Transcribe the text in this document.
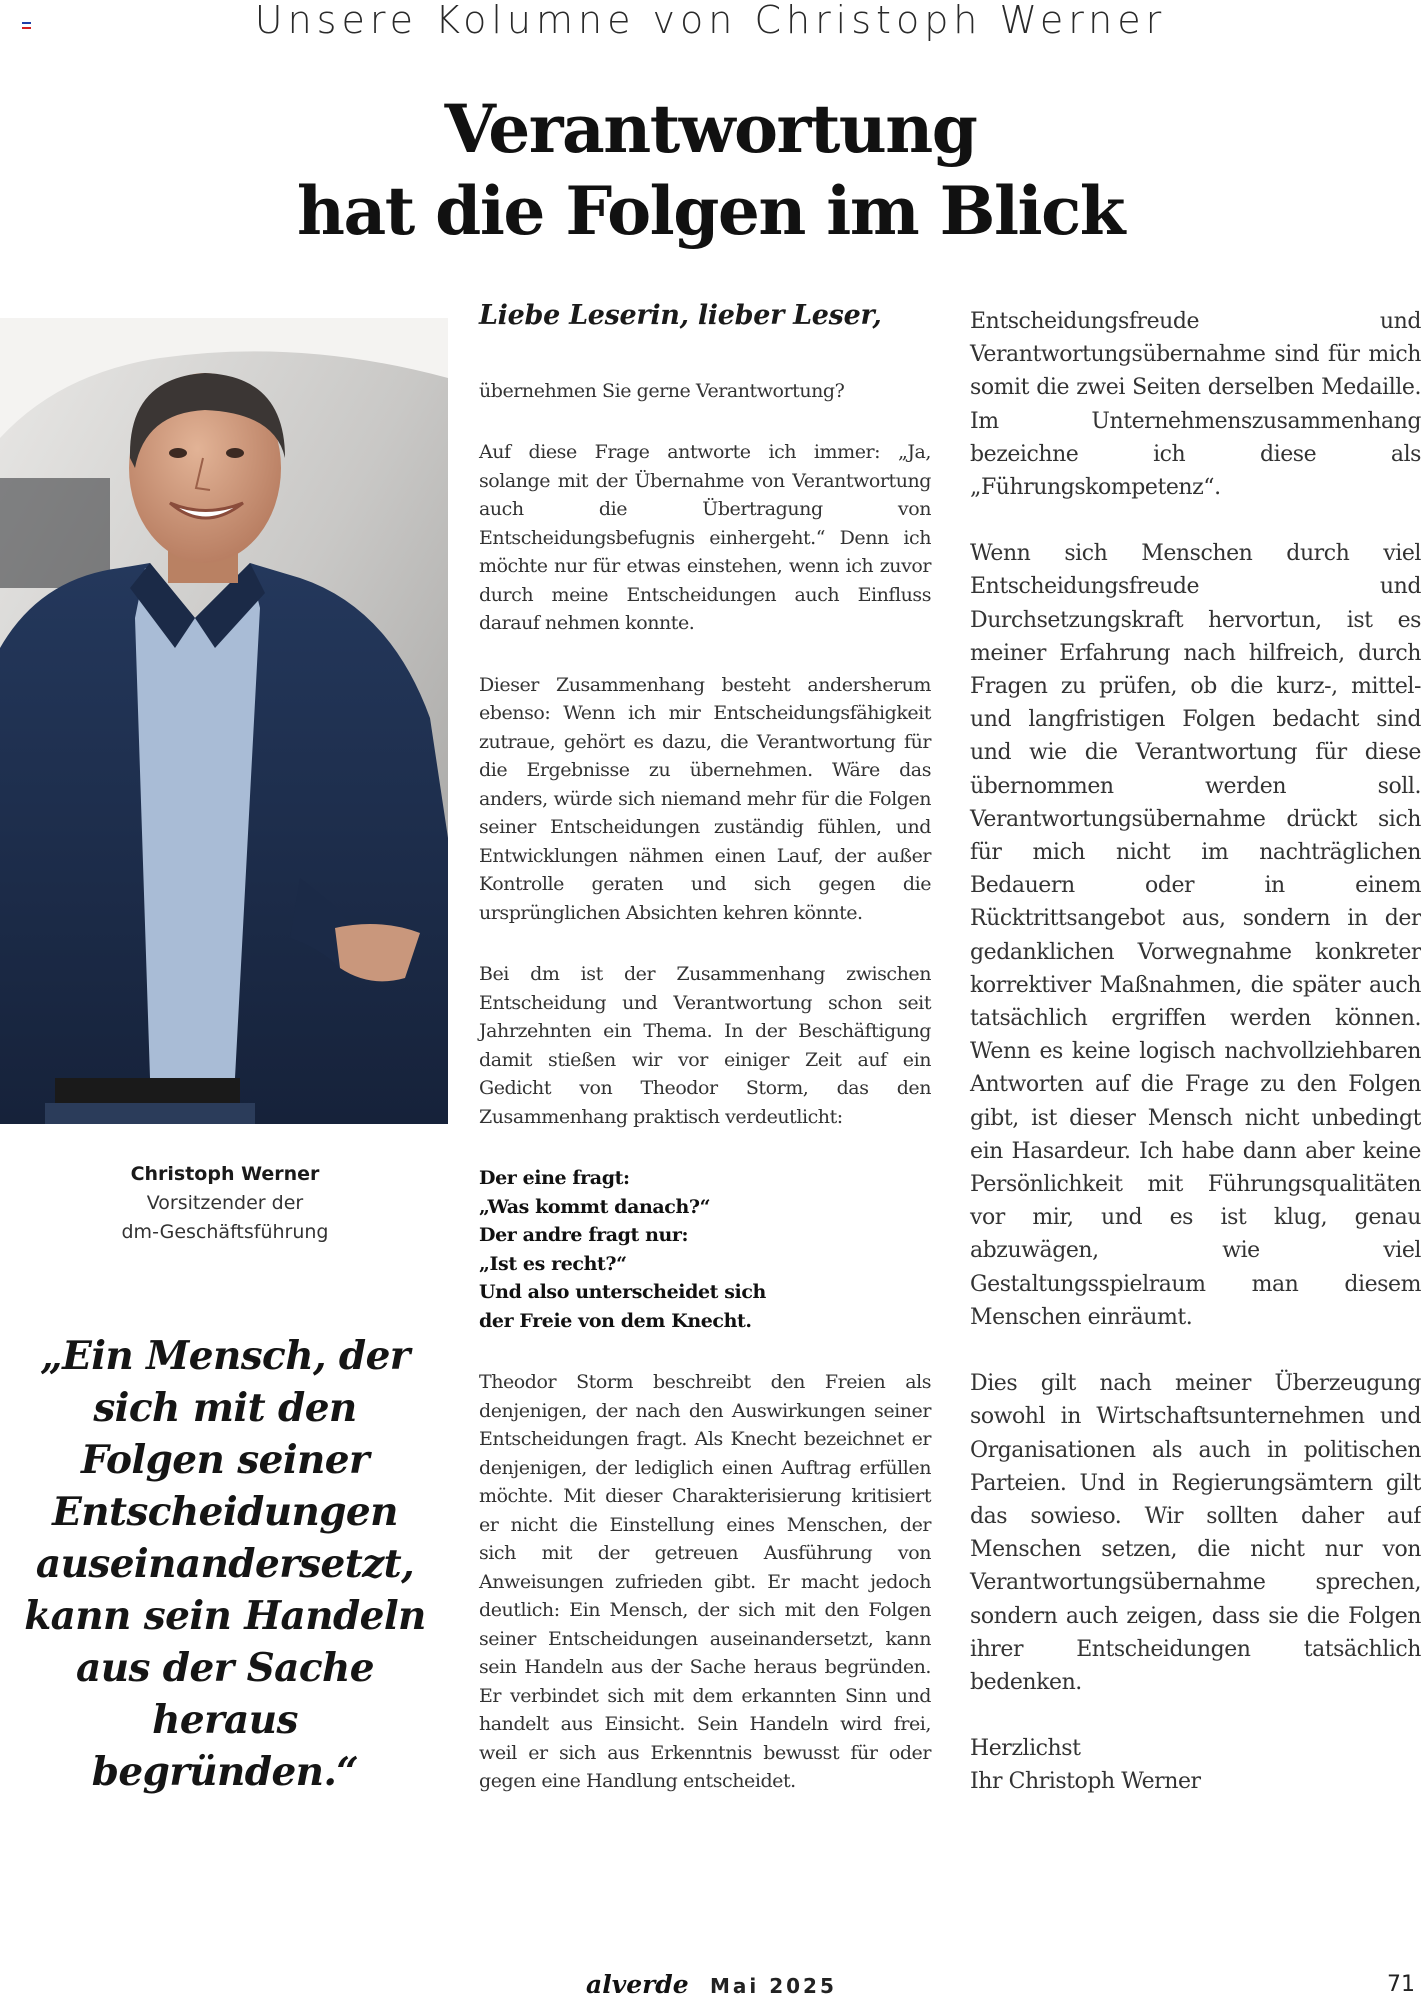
Unsere Kolumne von Christoph Werner
Verantwortung
hat die Folgen im Blick
Christoph Werner
Vorsitzender der
dm-Geschäftsführung

„Ein Mensch, der sich mit den Folgen seiner Entscheidungen auseinandersetzt, kann sein Handeln aus der Sache heraus begründen.“

Liebe Leserin, lieber Leser,

übernehmen Sie gerne Verantwortung?

Auf diese Frage antworte ich immer: „Ja, solange mit der Übernahme von Verantwortung auch die Übertragung von Entscheidungsbefugnis einhergeht.“ Denn ich möchte nur für etwas einstehen, wenn ich zuvor durch meine Entscheidungen auch Einfluss darauf nehmen konnte.

Dieser Zusammenhang besteht andersherum ebenso: Wenn ich mir Entscheidungsfähigkeit zutraue, gehört es dazu, die Verantwortung für die Ergebnisse zu übernehmen. Wäre das anders, würde sich niemand mehr für die Folgen seiner Entscheidungen zuständig fühlen, und Entwicklungen nähmen einen Lauf, der außer Kontrolle geraten und sich gegen die ursprünglichen Absichten kehren könnte.

Bei dm ist der Zusammenhang zwischen Entscheidung und Verantwortung schon seit Jahrzehnten ein Thema. In der Beschäftigung damit stießen wir vor einiger Zeit auf ein Gedicht von Theodor Storm, das den Zusammenhang praktisch verdeutlicht:

Der eine fragt:
„Was kommt danach?“
Der andre fragt nur:
„Ist es recht?“
Und also unterscheidet sich
der Freie von dem Knecht.

Theodor Storm beschreibt den Freien als denjenigen, der nach den Auswirkungen seiner Entscheidungen fragt. Als Knecht bezeichnet er denjenigen, der lediglich einen Auftrag erfüllen möchte. Mit dieser Charakterisierung kritisiert er nicht die Einstellung eines Menschen, der sich mit der getreuen Ausführung von Anweisungen zufrieden gibt. Er macht jedoch deutlich: Ein Mensch, der sich mit den Folgen seiner Entscheidungen auseinandersetzt, kann sein Handeln aus der Sache heraus begründen. Er verbindet sich mit dem erkannten Sinn und handelt aus Einsicht. Sein Handeln wird frei, weil er sich aus Erkenntnis bewusst für oder gegen eine Handlung entscheidet.

Entscheidungsfreude und Verantwortungsübernahme sind für mich somit die zwei Seiten derselben Medaille. Im Unternehmenszusammenhang bezeichne ich diese als „Führungskompetenz“.

Wenn sich Menschen durch viel Entscheidungsfreude und Durchsetzungskraft hervortun, ist es meiner Erfahrung nach hilfreich, durch Fragen zu prüfen, ob die kurz-, mittel- und langfristigen Folgen bedacht sind und wie die Verantwortung für diese übernommen werden soll. Verantwortungsübernahme drückt sich für mich nicht im nachträglichen Bedauern oder in einem Rücktrittsangebot aus, sondern in der gedanklichen Vorwegnahme konkreter korrektiver Maßnahmen, die später auch tatsächlich ergriffen werden können. Wenn es keine logisch nachvollziehbaren Antworten auf die Frage zu den Folgen gibt, ist dieser Mensch nicht unbedingt ein Hasardeur. Ich habe dann aber keine Persönlichkeit mit Führungsqualitäten vor mir, und es ist klug, genau abzuwägen, wie viel Gestaltungsspielraum man diesem Menschen einräumt.

Dies gilt nach meiner Überzeugung sowohl in Wirtschaftsunternehmen und Organisationen als auch in politischen Parteien. Und in Regierungsämtern gilt das sowieso. Wir sollten daher auf Menschen setzen, die nicht nur von Verantwortungsübernahme sprechen, sondern auch zeigen, dass sie die Folgen ihrer Entscheidungen tatsächlich bedenken.

Herzlichst
Ihr Christoph Werner

alverde Mai 2025	71
